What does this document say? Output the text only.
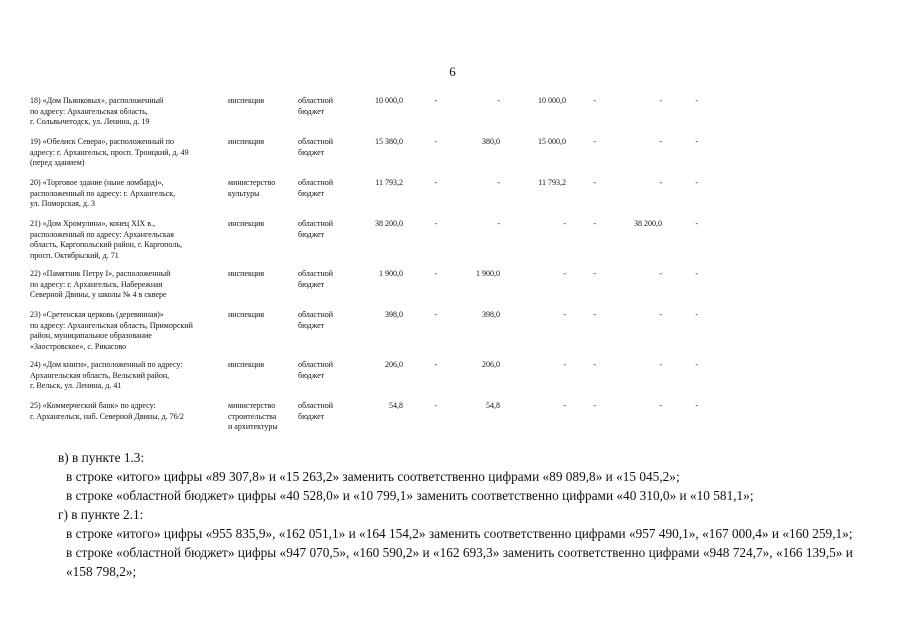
6
18) «Дом Пьянковых», расположенный
по адресу: Архангельская область,
г. Сольвычегодск, ул. Ленина, д. 19
инспекция	областной
бюджет
10 000,0	-	-	10 000,0	-	-	-
19) «Обелиск Севера», расположенный по
адресу: г. Архангельск, просп. Троицкий, д. 49
(перед зданием)
инспекция	областной
бюджет
15 380,0	-	380,0	15 000,0	-	-	-
20) «Торговое здание (ныне ломбард)»,
расположенный по адресу: г. Архангельск,
ул. Поморская, д. 3
министерство
культуры
областной
бюджет
11 793,2	-	-	11 793,2	-	-	-
21) «Дом Хромулина», конец XIX в.,
расположенный по адресу: Архангельская
область, Каргопольский район, г. Каргополь,
просп. Октябрьский, д. 71
инспекция	областной
бюджет
38 200,0	-	-	-	-	38 200,0	-
22) «Памятник Петру I», расположенный
по адресу: г. Архангельск, Набережная
Северной Двины, у школы № 4 в сквере
инспекция	областной
бюджет
1 900,0	-	1 900,0	-	-	-	-
23) «Сретенская церковь (деревянная)»
по адресу: Архангельская область, Приморский
район, муниципальное образование
«Заостровское», с. Рикасово
инспекция	областной
бюджет
398,0	-	398,0	-	-	-	-
24) «Дом книги», расположенный по адресу:
Архангельская область, Вельский район,
г. Вельск, ул. Ленина, д. 41
инспекция	областной
бюджет
206,0	-	206,0	-	-	-	-
25) «Коммерческий банк» по адресу:
г. Архангельск, наб. Северной Двины, д. 76/2
министерство
строительства
и архитектуры
областной
бюджет
54,8	-	54,8	-	-	-	-

в) в пункте 1.3:

в строке «итого» цифры «89 307,8» и «15 263,2» заменить соответственно цифрами «89 089,8» и «15 045,2»;

в строке «областной бюджет» цифры «40 528,0» и «10 799,1» заменить соответственно цифрами «40 310,0» и «10 581,1»;

г) в пункте 2.1:

в строке «итого» цифры «955 835,9», «162 051,1» и «164 154,2» заменить соответственно цифрами «957 490,1», «167 000,4» и «160 259,1»;

в строке «областной бюджет» цифры «947 070,5», «160 590,2» и «162 693,3» заменить соответственно цифрами «948 724,7», «166 139,5» и «158 798,2»;
